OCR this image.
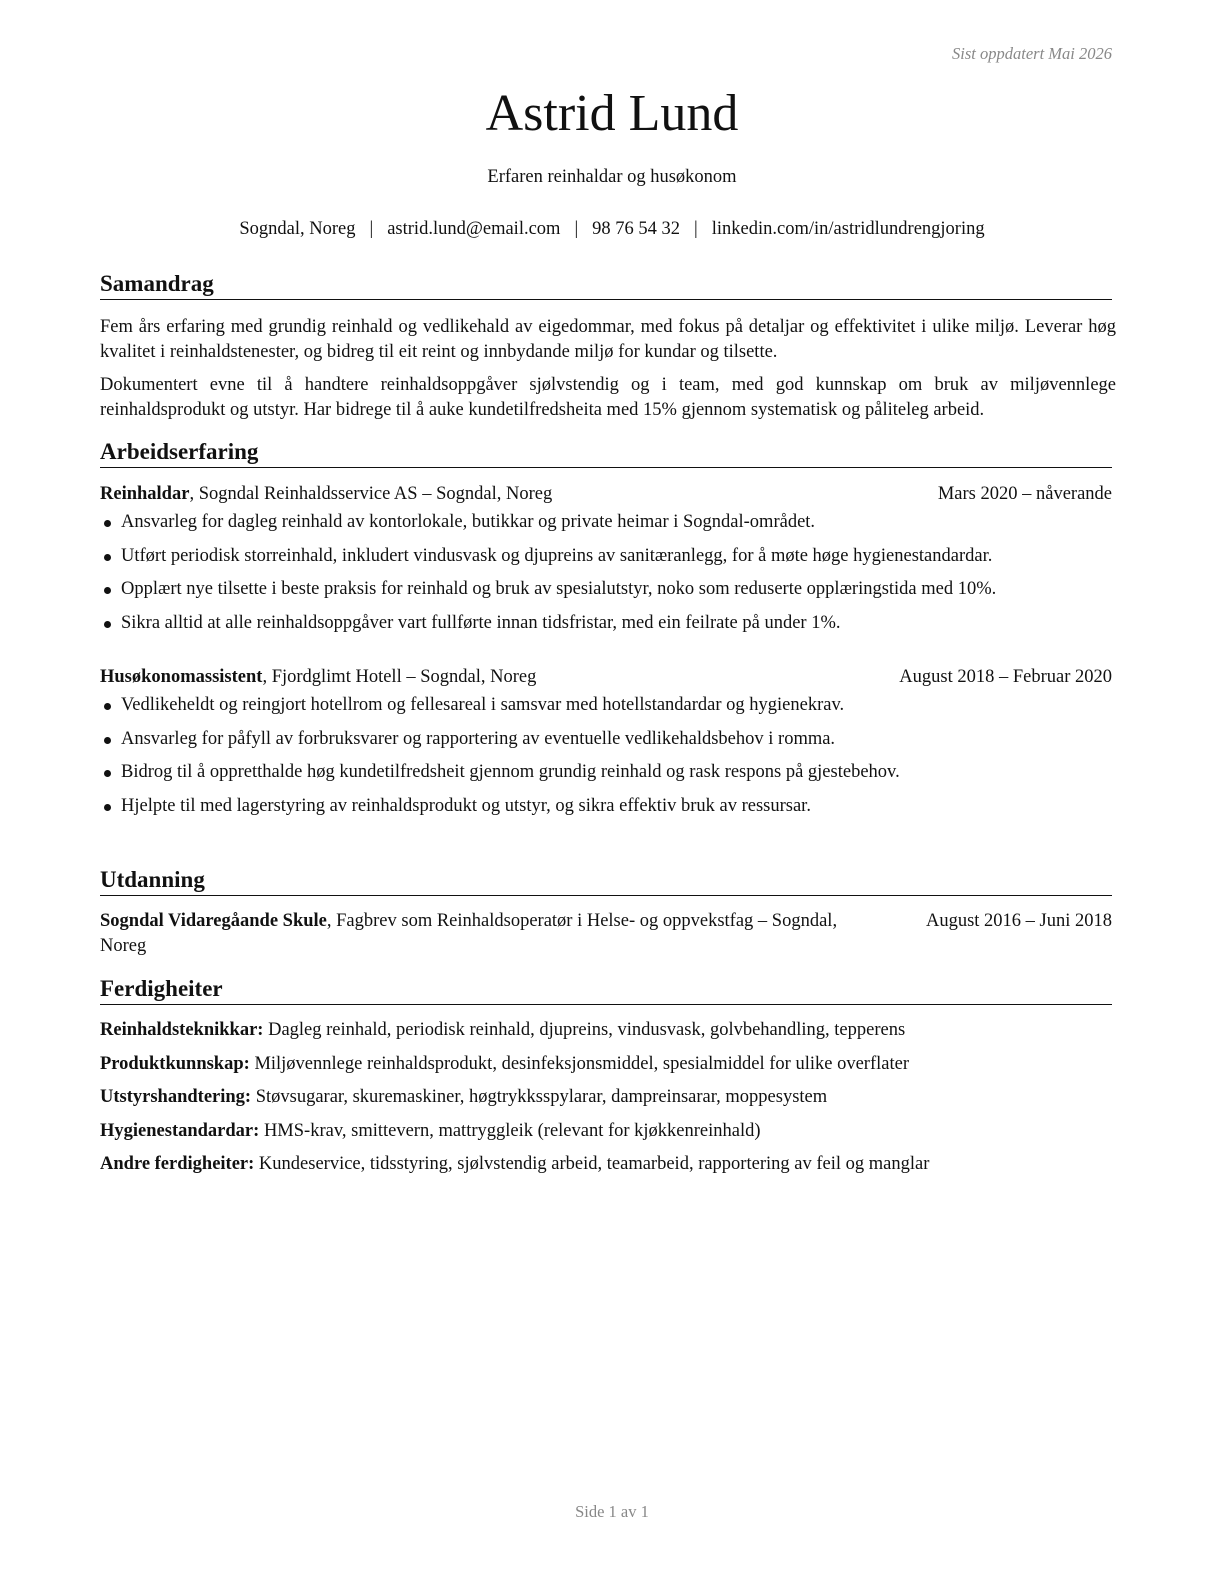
Sist oppdatert Mai 2026
Astrid Lund
Erfaren reinhaldar og husøkonom
Sogndal, Noreg | astrid.lund@email.com | 98 76 54 32 | linkedin.com/in/astridlundrengjoring
Samandrag

Fem års erfaring med grundig reinhald og vedlikehald av eigedommar, med fokus på detaljar og effektivitet i ulike miljø. Leverar høg kvalitet i reinhaldstenester, og bidreg til eit reint og innbydande miljø for kundar og tilsette.

Dokumentert evne til å handtere reinhaldsoppgåver sjølvstendig og i team, med god kunnskap om bruk av miljøvennlege reinhaldsprodukt og utstyr. Har bidrege til å auke kundetilfredsheita med 15% gjennom systematisk og påliteleg arbeid.

Arbeidserfaring
Reinhaldar, Sogndal Reinhaldsservice AS – Sogndal, Noreg	Mars 2020 – nåverande
Ansvarleg for dagleg reinhald av kontorlokale, butikkar og private heimar i Sogndal-området.
Utført periodisk storreinhald, inkludert vindusvask og djupreins av sanitæranlegg, for å møte høge hygienestandardar.
Opplært nye tilsette i beste praksis for reinhald og bruk av spesialutstyr, noko som reduserte opplæringstida med 10%.
Sikra alltid at alle reinhaldsoppgåver vart fullførte innan tidsfristar, med ein feilrate på under 1%.
Husøkonomassistent, Fjordglimt Hotell – Sogndal, Noreg	August 2018 – Februar 2020
Vedlikeheldt og reingjort hotellrom og fellesareal i samsvar med hotellstandardar og hygienekrav.
Ansvarleg for påfyll av forbruksvarer og rapportering av eventuelle vedlikehaldsbehov i romma.
Bidrog til å oppretthalde høg kundetilfredsheit gjennom grundig reinhald og rask respons på gjestebehov.
Hjelpte til med lagerstyring av reinhaldsprodukt og utstyr, og sikra effektiv bruk av ressursar.
Utdanning
Sogndal Vidaregåande Skule, Fagbrev som Reinhaldsoperatør i Helse- og oppvekstfag – Sogndal, Noreg
August 2016 – Juni 2018
Ferdigheiter
Reinhaldsteknikkar: Dagleg reinhald, periodisk reinhald, djupreins, vindusvask, golvbehandling, tepperens
Produktkunnskap: Miljøvennlege reinhaldsprodukt, desinfeksjonsmiddel, spesialmiddel for ulike overflater
Utstyrshandtering: Støvsugarar, skuremaskiner, høgtrykksspylarar, dampreinsarar, moppesystem
Hygienestandardar: HMS-krav, smittevern, mattryggleik (relevant for kjøkkenreinhald)
Andre ferdigheiter: Kundeservice, tidsstyring, sjølvstendig arbeid, teamarbeid, rapportering av feil og manglar
Side 1 av 1
